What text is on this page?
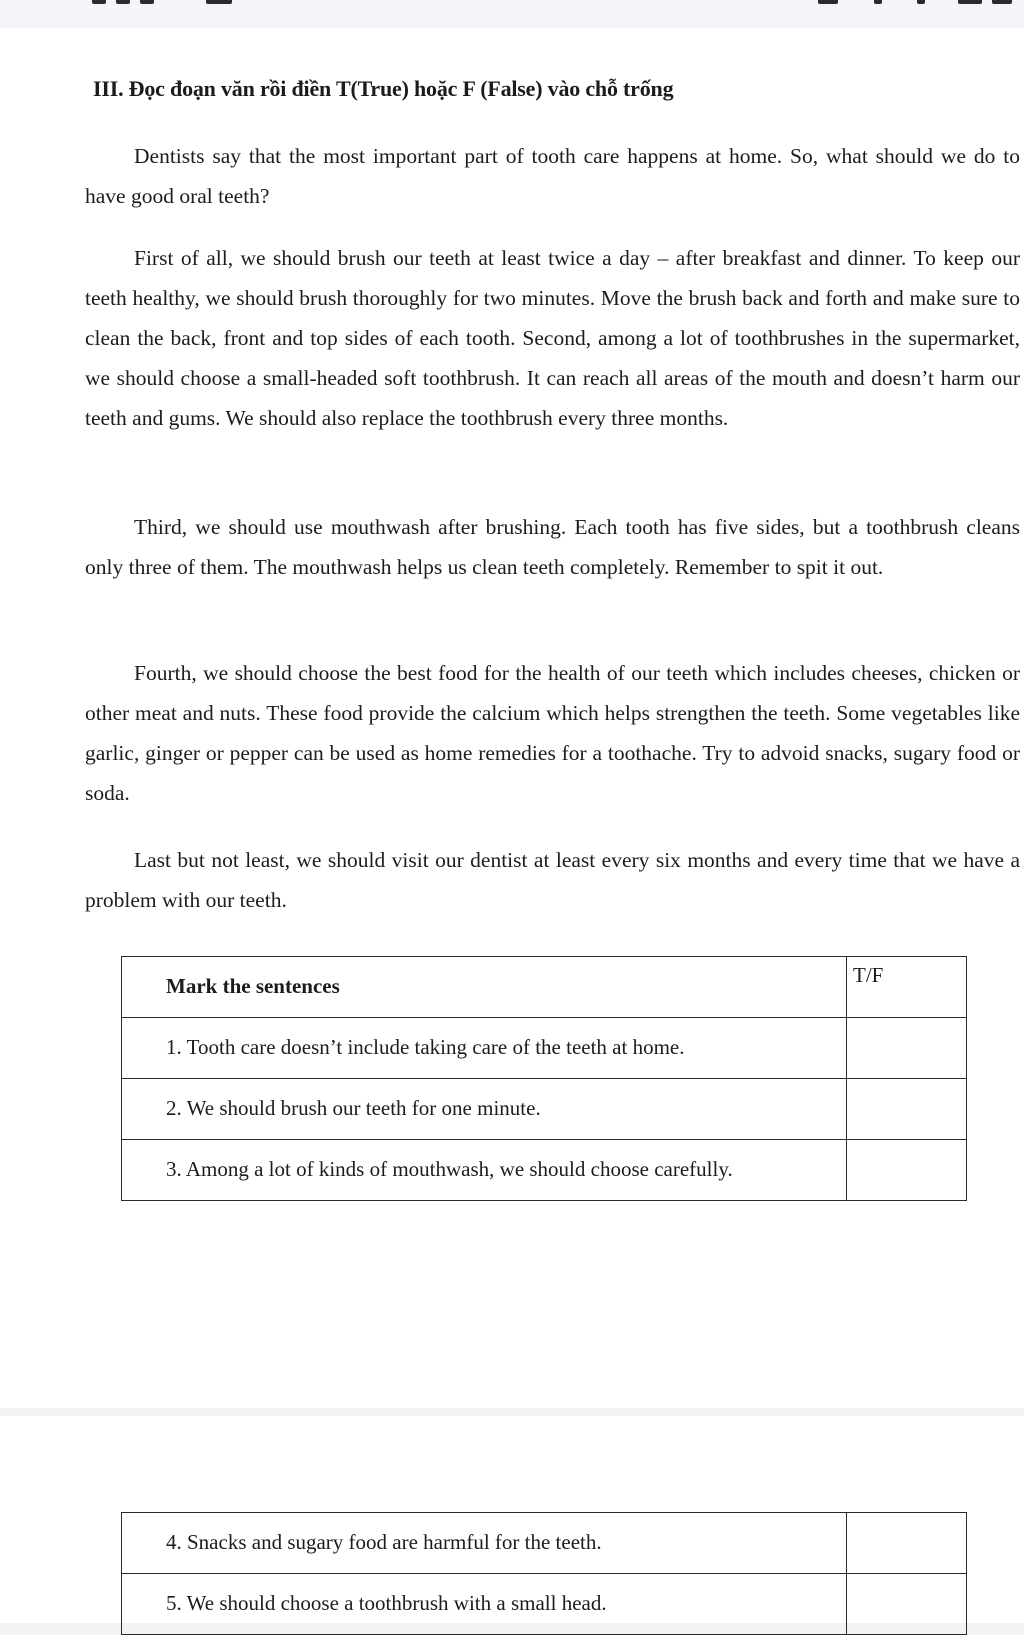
III. Đọc đoạn văn rồi điền T(True) hoặc F (False) vào chỗ trống

Dentists say that the most important part of tooth care happens at home. So, what should we do to have good oral teeth?

First of all, we should brush our teeth at least twice a day – after breakfast and dinner. To keep our teeth healthy, we should brush thoroughly for two minutes. Move the brush back and forth and make sure to clean the back, front and top sides of each tooth. Second, among a lot of toothbrushes in the supermarket, we should choose a small-headed soft toothbrush. It can reach all areas of the mouth and doesn’t harm our teeth and gums. We should also replace the toothbrush every three months.

Third, we should use mouthwash after brushing. Each tooth has five sides, but a toothbrush cleans only three of them. The mouthwash helps us clean teeth completely. Remember to spit it out.

Fourth, we should choose the best food for the health of our teeth which includes cheeses, chicken or other meat and nuts. These food provide the calcium which helps strengthen the teeth. Some vegetables like garlic, ginger or pepper can be used as home remedies for a toothache. Try to advoid snacks, sugary food or soda.

Last but not least, we should visit our dentist at least every six months and every time that we have a problem with our teeth.

Mark the sentences	T/F
1. Tooth care doesn’t include taking care of the teeth at home.	
2. We should brush our teeth for one minute.	
3. Among a lot of kinds of mouthwash, we should choose carefully.	
4. Snacks and sugary food are harmful for the teeth.	
5. We should choose a toothbrush with a small head.	
